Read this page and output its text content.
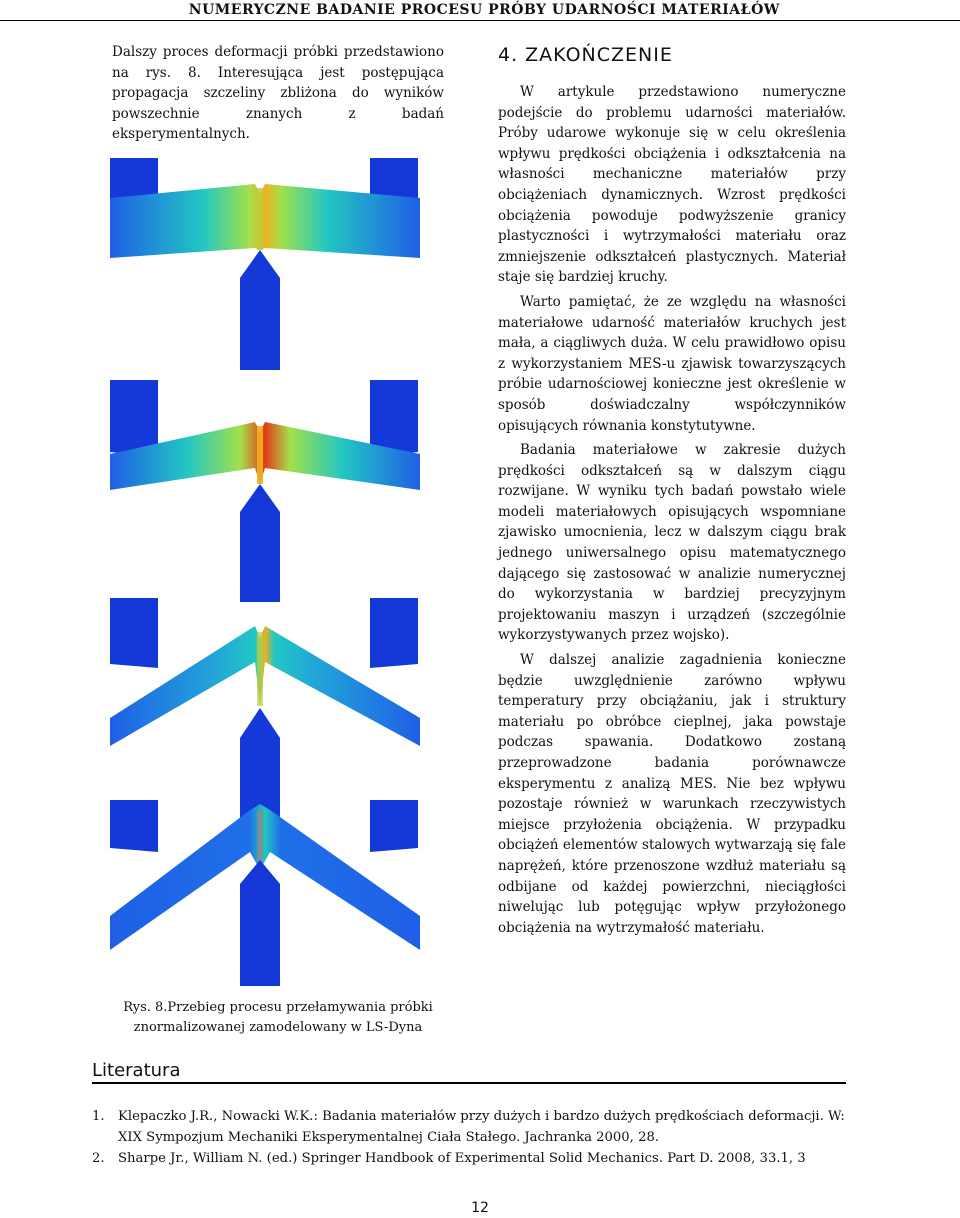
NUMERYCZNE BADANIE PROCESU PRÓBY UDARNOŚCI MATERIAŁÓW

Dalszy proces deformacji próbki przedstawiono na rys. 8. Interesująca jest postępująca propagacja szczeliny zbliżona do wyników powszechnie znanych z badań eksperymentalnych.

Rys. 8.Przebieg procesu przełamywania próbki
znormalizowanej zamodelowany w LS-Dyna
4. ZAKOŃCZENIE

W artykule przedstawiono numeryczne podejście do problemu udarności materiałów. Próby udarowe wykonuje się w celu określenia wpływu prędkości obciążenia i odkształcenia na własności mechaniczne materiałów przy obciążeniach dynamicznych. Wzrost prędkości obciążenia powoduje podwyższenie granicy plastyczności i wytrzymałości materiału oraz zmniejszenie odkształceń plastycznych. Materiał staje się bardziej kruchy.

Warto pamiętać, że ze względu na własności materiałowe udarność materiałów kruchych jest mała, a ciągliwych duża. W celu prawidłowo opisu z wykorzystaniem MES-u zjawisk towarzyszących próbie udarnościowej konieczne jest określenie w sposób doświadczalny współczynników opisujących równania konstytutywne.

Badania materiałowe w zakresie dużych prędkości odkształceń są w dalszym ciągu rozwijane. W wyniku tych badań powstało wiele modeli materiałowych opisujących wspomniane zjawisko umocnienia, lecz w dalszym ciągu brak jednego uniwersalnego opisu matematycznego dającego się zastosować w analizie numerycznej do wykorzystania w bardziej precyzyjnym projektowaniu maszyn i urządzeń (szczególnie wykorzystywanych przez wojsko).

W dalszej analizie zagadnienia konieczne będzie uwzględnienie zarówno wpływu temperatury przy obciążaniu, jak i struktury materiału po obróbce cieplnej, jaka powstaje podczas spawania. Dodatkowo zostaną przeprowadzone badania porównawcze eksperymentu z analizą MES. Nie bez wpływu pozostaje również w warunkach rzeczywistych miejsce przyłożenia obciążenia. W przypadku obciążeń elementów stalowych wytwarzają się fale naprężeń, które przenoszone wzdłuż materiału są odbijane od każdej powierzchni, nieciągłości niwelując lub potęgując wpływ przyłożonego obciążenia na wytrzymałość materiału.

Literatura
1.	Klepaczko J.R., Nowacki W.K.: Badania materiałów przy dużych i bardzo dużych prędkościach deformacji. W: XIX Sympozjum Mechaniki Eksperymentalnej Ciała Stałego. Jachranka 2000, 28.
2.	Sharpe Jr., William N. (ed.) Springer Handbook of Experimental Solid Mechanics. Part D. 2008, 33.1, 3
12
